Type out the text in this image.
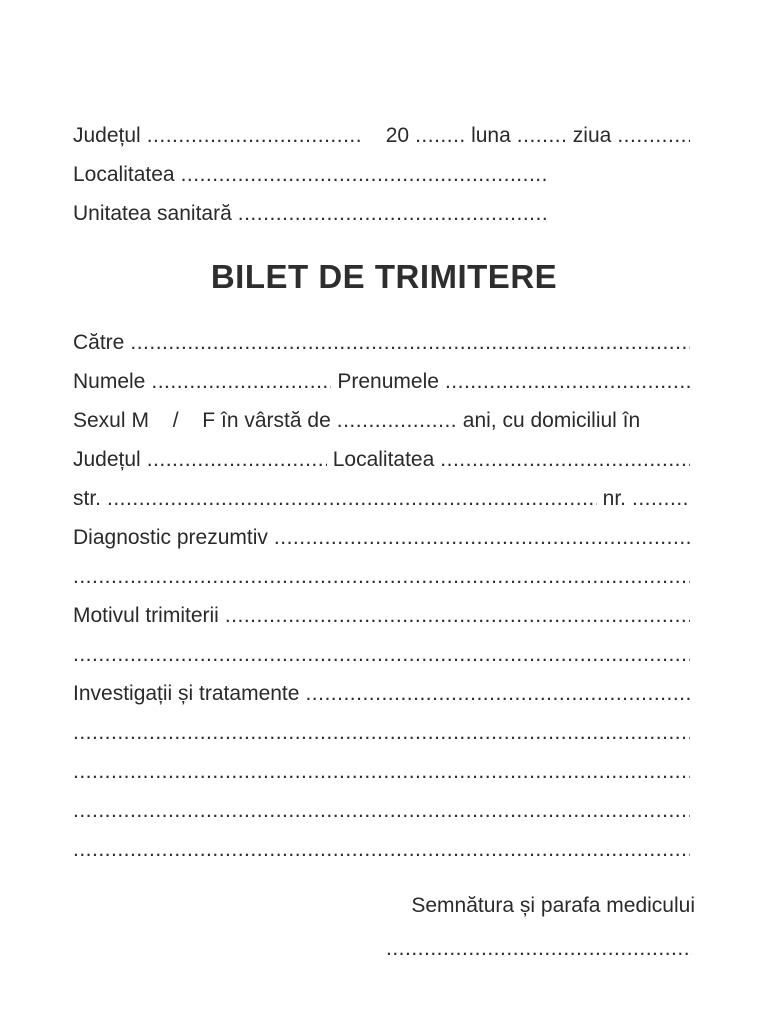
Județul .....	20 .....	luna .....	ziua
.....
Localitatea
.....
Unitatea sanitară
.....
BILET DE TRIMITERE
Către
.....
Numele .....	Prenumele
.....
Sexul M  /  F în vârstă de .....	ani, cu domiciliul în
Județul .....	Localitatea
.....
str. .....	nr.
.....
Diagnostic prezumtiv
.....
.....
Motivul trimiterii
.....
.....
Investigații și tratamente
.....
.....
.....
.....
.....
Semnătura și parafa medicului
.....
